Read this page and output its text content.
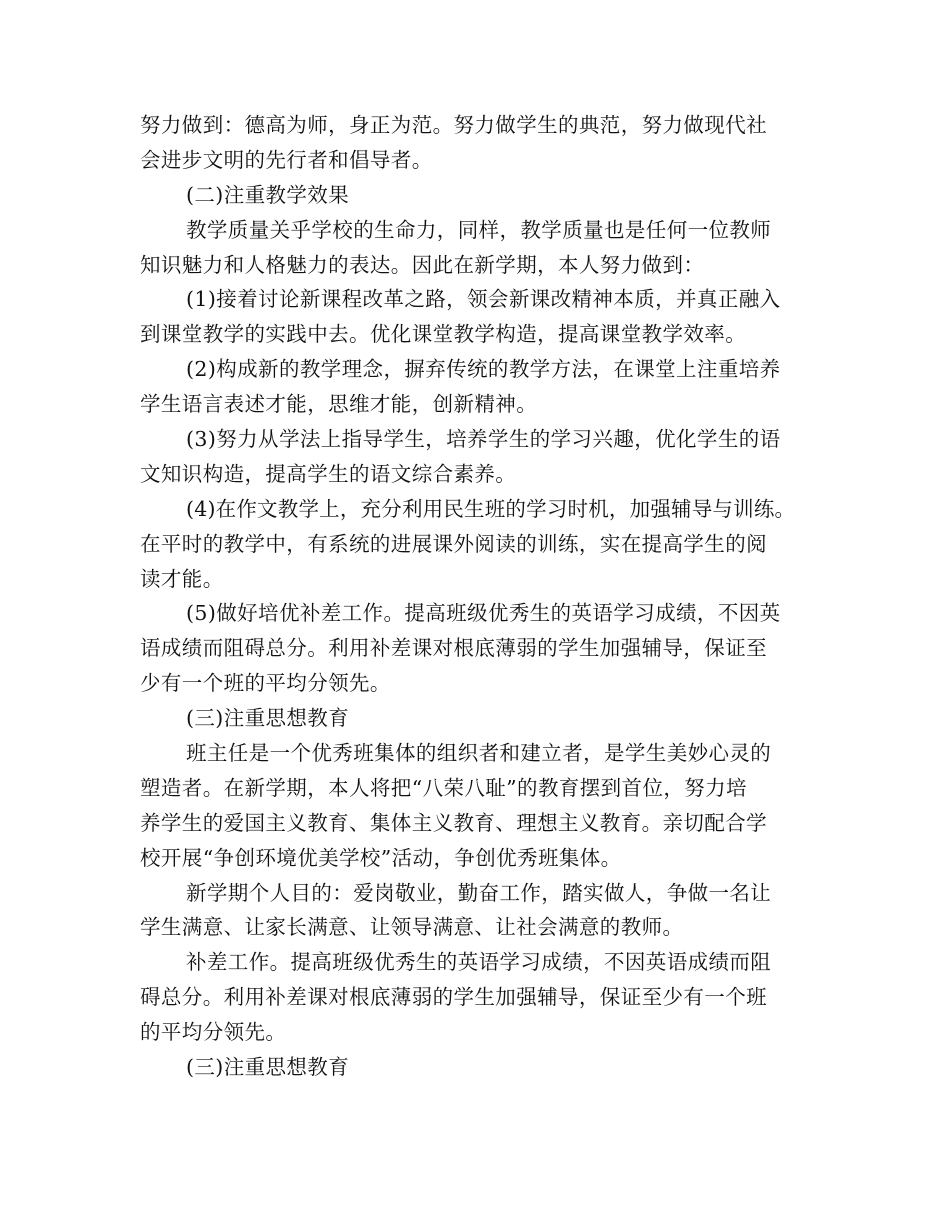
努力做到：德高为师，身正为范。努力做学生的典范，努力做现代社
会进步文明的先行者和倡导者。
(二)注重教学效果
教学质量关乎学校的生命力，同样，教学质量也是任何一位教师
知识魅力和人格魅力的表达。因此在新学期，本人努力做到：
(1)接着讨论新课程改革之路，领会新课改精神本质，并真正融入
到课堂教学的实践中去。优化课堂教学构造，提高课堂教学效率。
(2)构成新的教学理念，摒弃传统的教学方法，在课堂上注重培养
学生语言表述才能，思维才能，创新精神。
(3)努力从学法上指导学生，培养学生的学习兴趣，优化学生的语
文知识构造，提高学生的语文综合素养。
(4)在作文教学上，充分利用民生班的学习时机，加强辅导与训练。
在平时的教学中，有系统的进展课外阅读的训练，实在提高学生的阅
读才能。
(5)做好培优补差工作。提高班级优秀生的英语学习成绩，不因英
语成绩而阻碍总分。利用补差课对根底薄弱的学生加强辅导，保证至
少有一个班的平均分领先。
(三)注重思想教育
班主任是一个优秀班集体的组织者和建立者，是学生美妙心灵的
塑造者。在新学期，本人将把“八荣八耻”的教育摆到首位，努力培
养学生的爱国主义教育、集体主义教育、理想主义教育。亲切配合学
校开展“争创环境优美学校”活动，争创优秀班集体。
新学期个人目的：爱岗敬业，勤奋工作，踏实做人，争做一名让
学生满意、让家长满意、让领导满意、让社会满意的教师。
补差工作。提高班级优秀生的英语学习成绩，不因英语成绩而阻
碍总分。利用补差课对根底薄弱的学生加强辅导，保证至少有一个班
的平均分领先。
(三)注重思想教育
